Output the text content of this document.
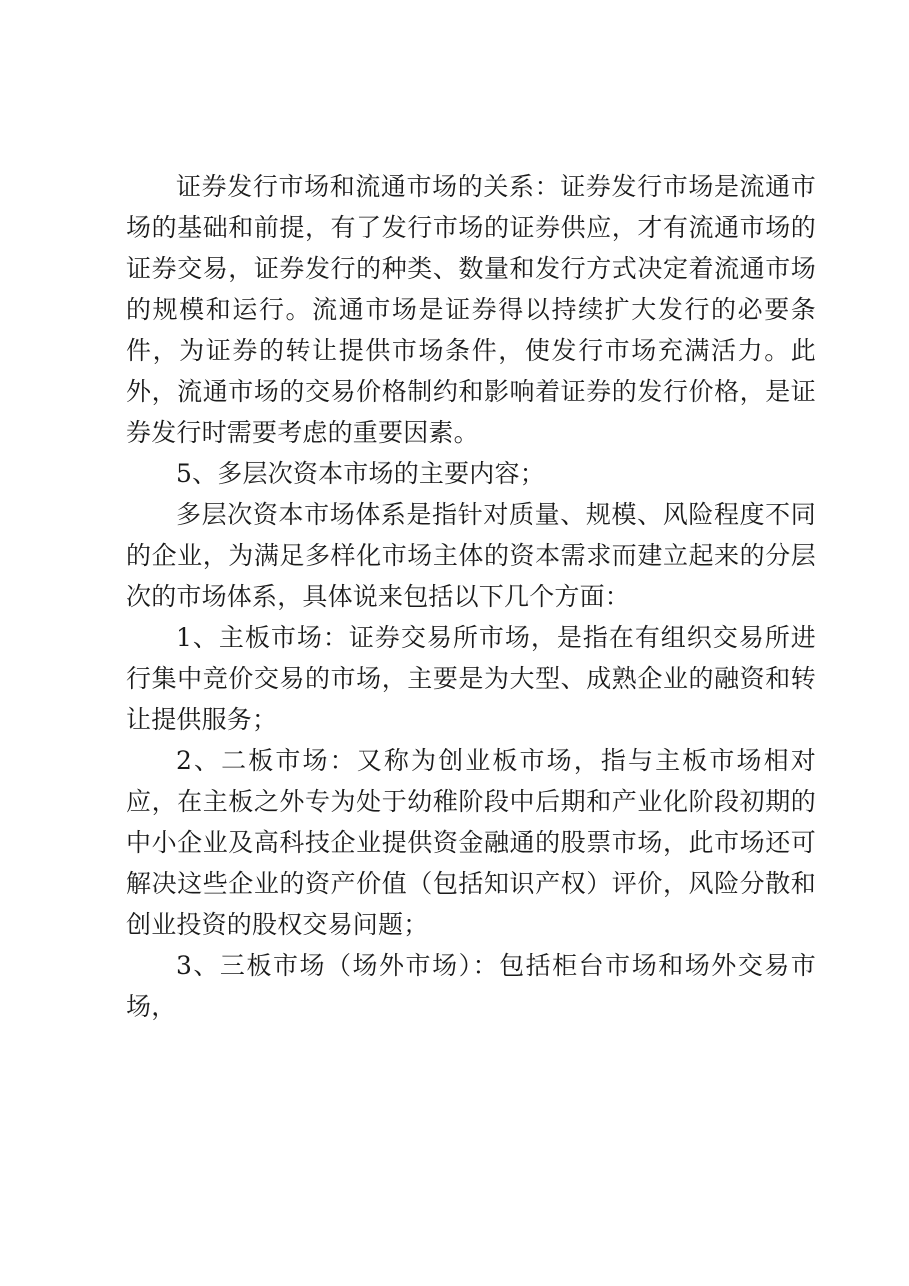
证券发行市场和流通市场的关系：证券发行市场是流通市场的基础和前提，有了发行市场的证券供应，才有流通市场的证券交易，证券发行的种类、数量和发行方式决定着流通市场的规模和运行。流通市场是证券得以持续扩大发行的必要条件，为证券的转让提供市场条件，使发行市场充满活力。此外，流通市场的交易价格制约和影响着证券的发行价格，是证券发行时需要考虑的重要因素。

5、多层次资本市场的主要内容；

多层次资本市场体系是指针对质量、规模、风险程度不同的企业，为满足多样化市场主体的资本需求而建立起来的分层次的市场体系，具体说来包括以下几个方面：

1、主板市场：证券交易所市场，是指在有组织交易所进行集中竞价交易的市场，主要是为大型、成熟企业的融资和转让提供服务；

2、二板市场：又称为创业板市场，指与主板市场相对应，在主板之外专为处于幼稚阶段中后期和产业化阶段初期的中小企业及高科技企业提供资金融通的股票市场，此市场还可解决这些企业的资产价值（包括知识产权）评价，风险分散和创业投资的股权交易问题；

3、三板市场（场外市场）：包括柜台市场和场外交易市场，
